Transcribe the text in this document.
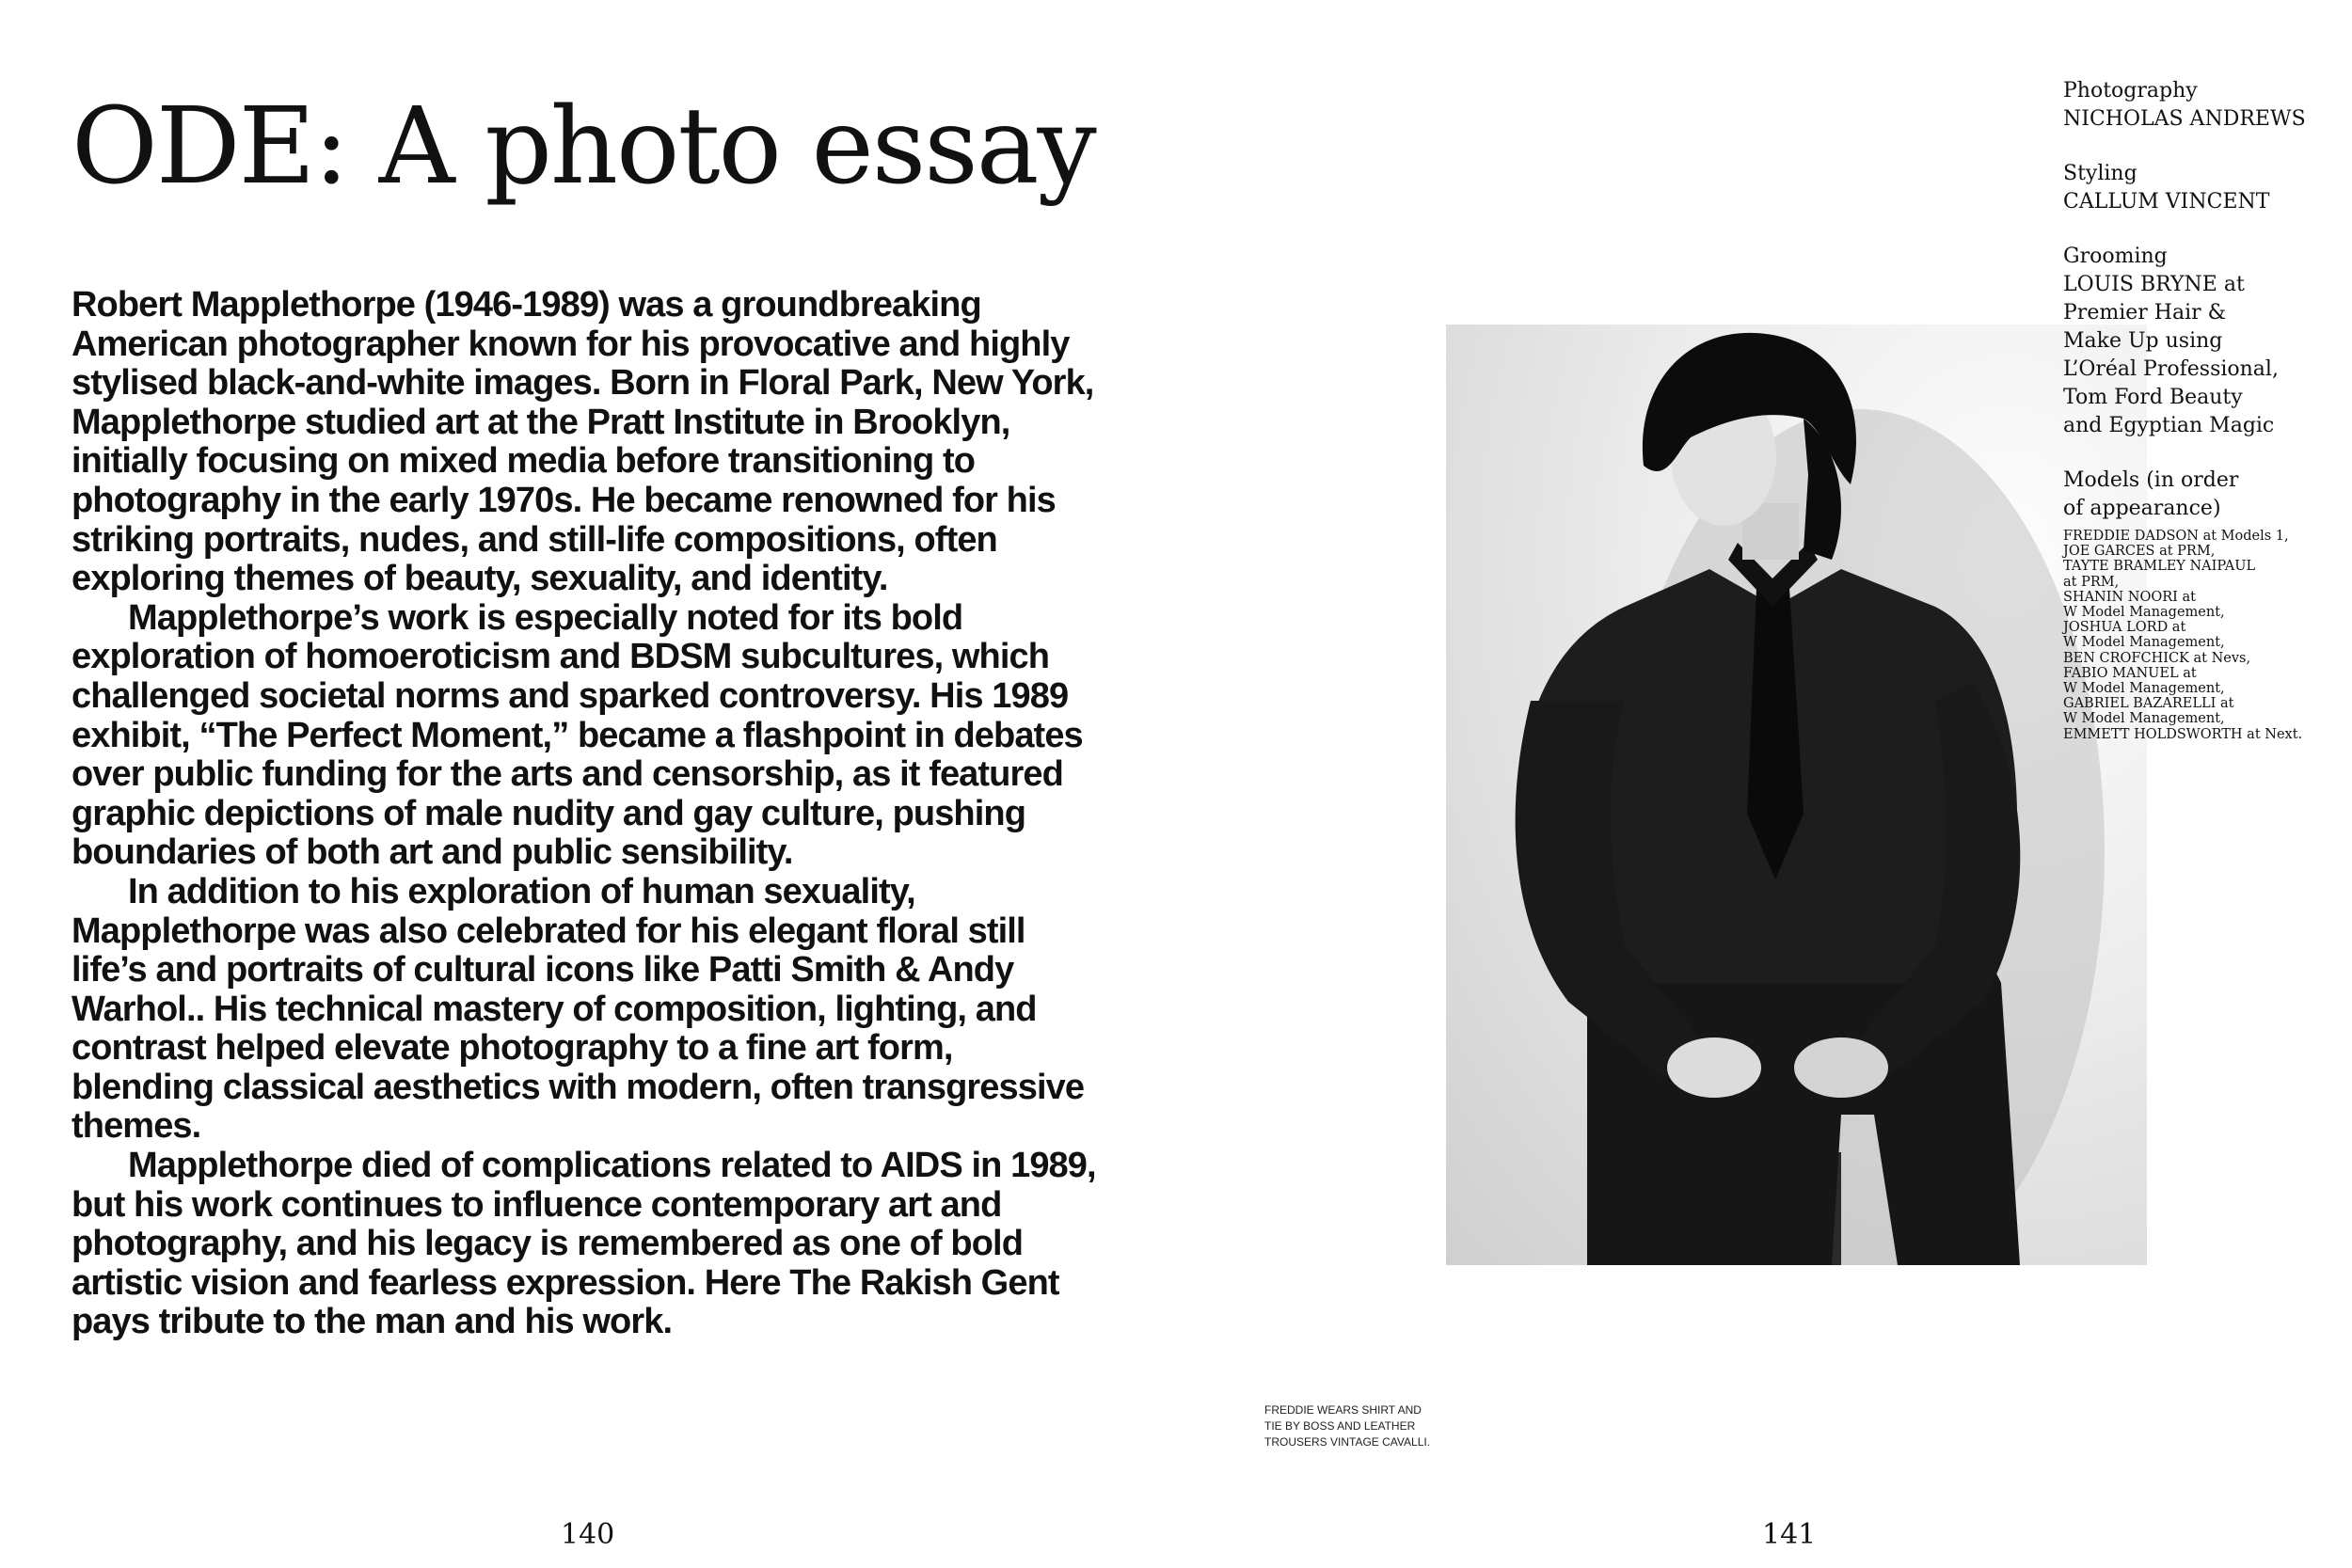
ODE: A photo essay

Robert Mapplethorpe (1946-1989) was a groundbreaking American photographer known for his provocative and highly stylised black-and-white images. Born in Floral Park, New York, Mapplethorpe studied art at the Pratt Institute in Brooklyn, initially focusing on mixed media before transitioning to photography in the early 1970s. He became renowned for his striking portraits, nudes, and still-life compositions, often exploring themes of beauty, sexuality, and identity.

Mapplethorpe’s work is especially noted for its bold exploration of homoeroticism and BDSM subcultures, which challenged societal norms and sparked controversy. His 1989 exhibit, “The Perfect Moment,” became a flashpoint in debates over public funding for the arts and censorship, as it featured graphic depictions of male nudity and gay culture, pushing boundaries of both art and public sensibility.

In addition to his exploration of human sexuality, Mapplethorpe was also celebrated for his elegant floral still life’s and portraits of cultural icons like Patti Smith & Andy Warhol.. His technical mastery of composition, lighting, and contrast helped elevate photography to a fine art form, blending classical aesthetics with modern, often transgressive themes.

Mapplethorpe died of complications related to AIDS in 1989, but his work continues to influence contemporary art and photography, and his legacy is remembered as one of bold artistic vision and fearless expression. Here The Rakish Gent pays tribute to the man and his work.

FREDDIE WEARS SHIRT AND
TIE BY BOSS AND LEATHER
TROUSERS VINTAGE CAVALLI.
Photography
NICHOLAS ANDREWS
Styling
CALLUM VINCENT
Grooming
LOUIS BRYNE at
Premier Hair &
Make Up using
L’Oréal Professional,
Tom Ford Beauty
and Egyptian Magic
Models (in order
of appearance)
FREDDIE DADSON at Models 1,
JOE GARCES at PRM,
TAYTE BRAMLEY NAIPAUL
at PRM,
SHANIN NOORI at
W Model Management,
JOSHUA LORD at
W Model Management,
BEN CROFCHICK at Nevs,
FABIO MANUEL at
W Model Management,
GABRIEL BAZARELLI at
W Model Management,
EMMETT HOLDSWORTH at Next.
140	141
